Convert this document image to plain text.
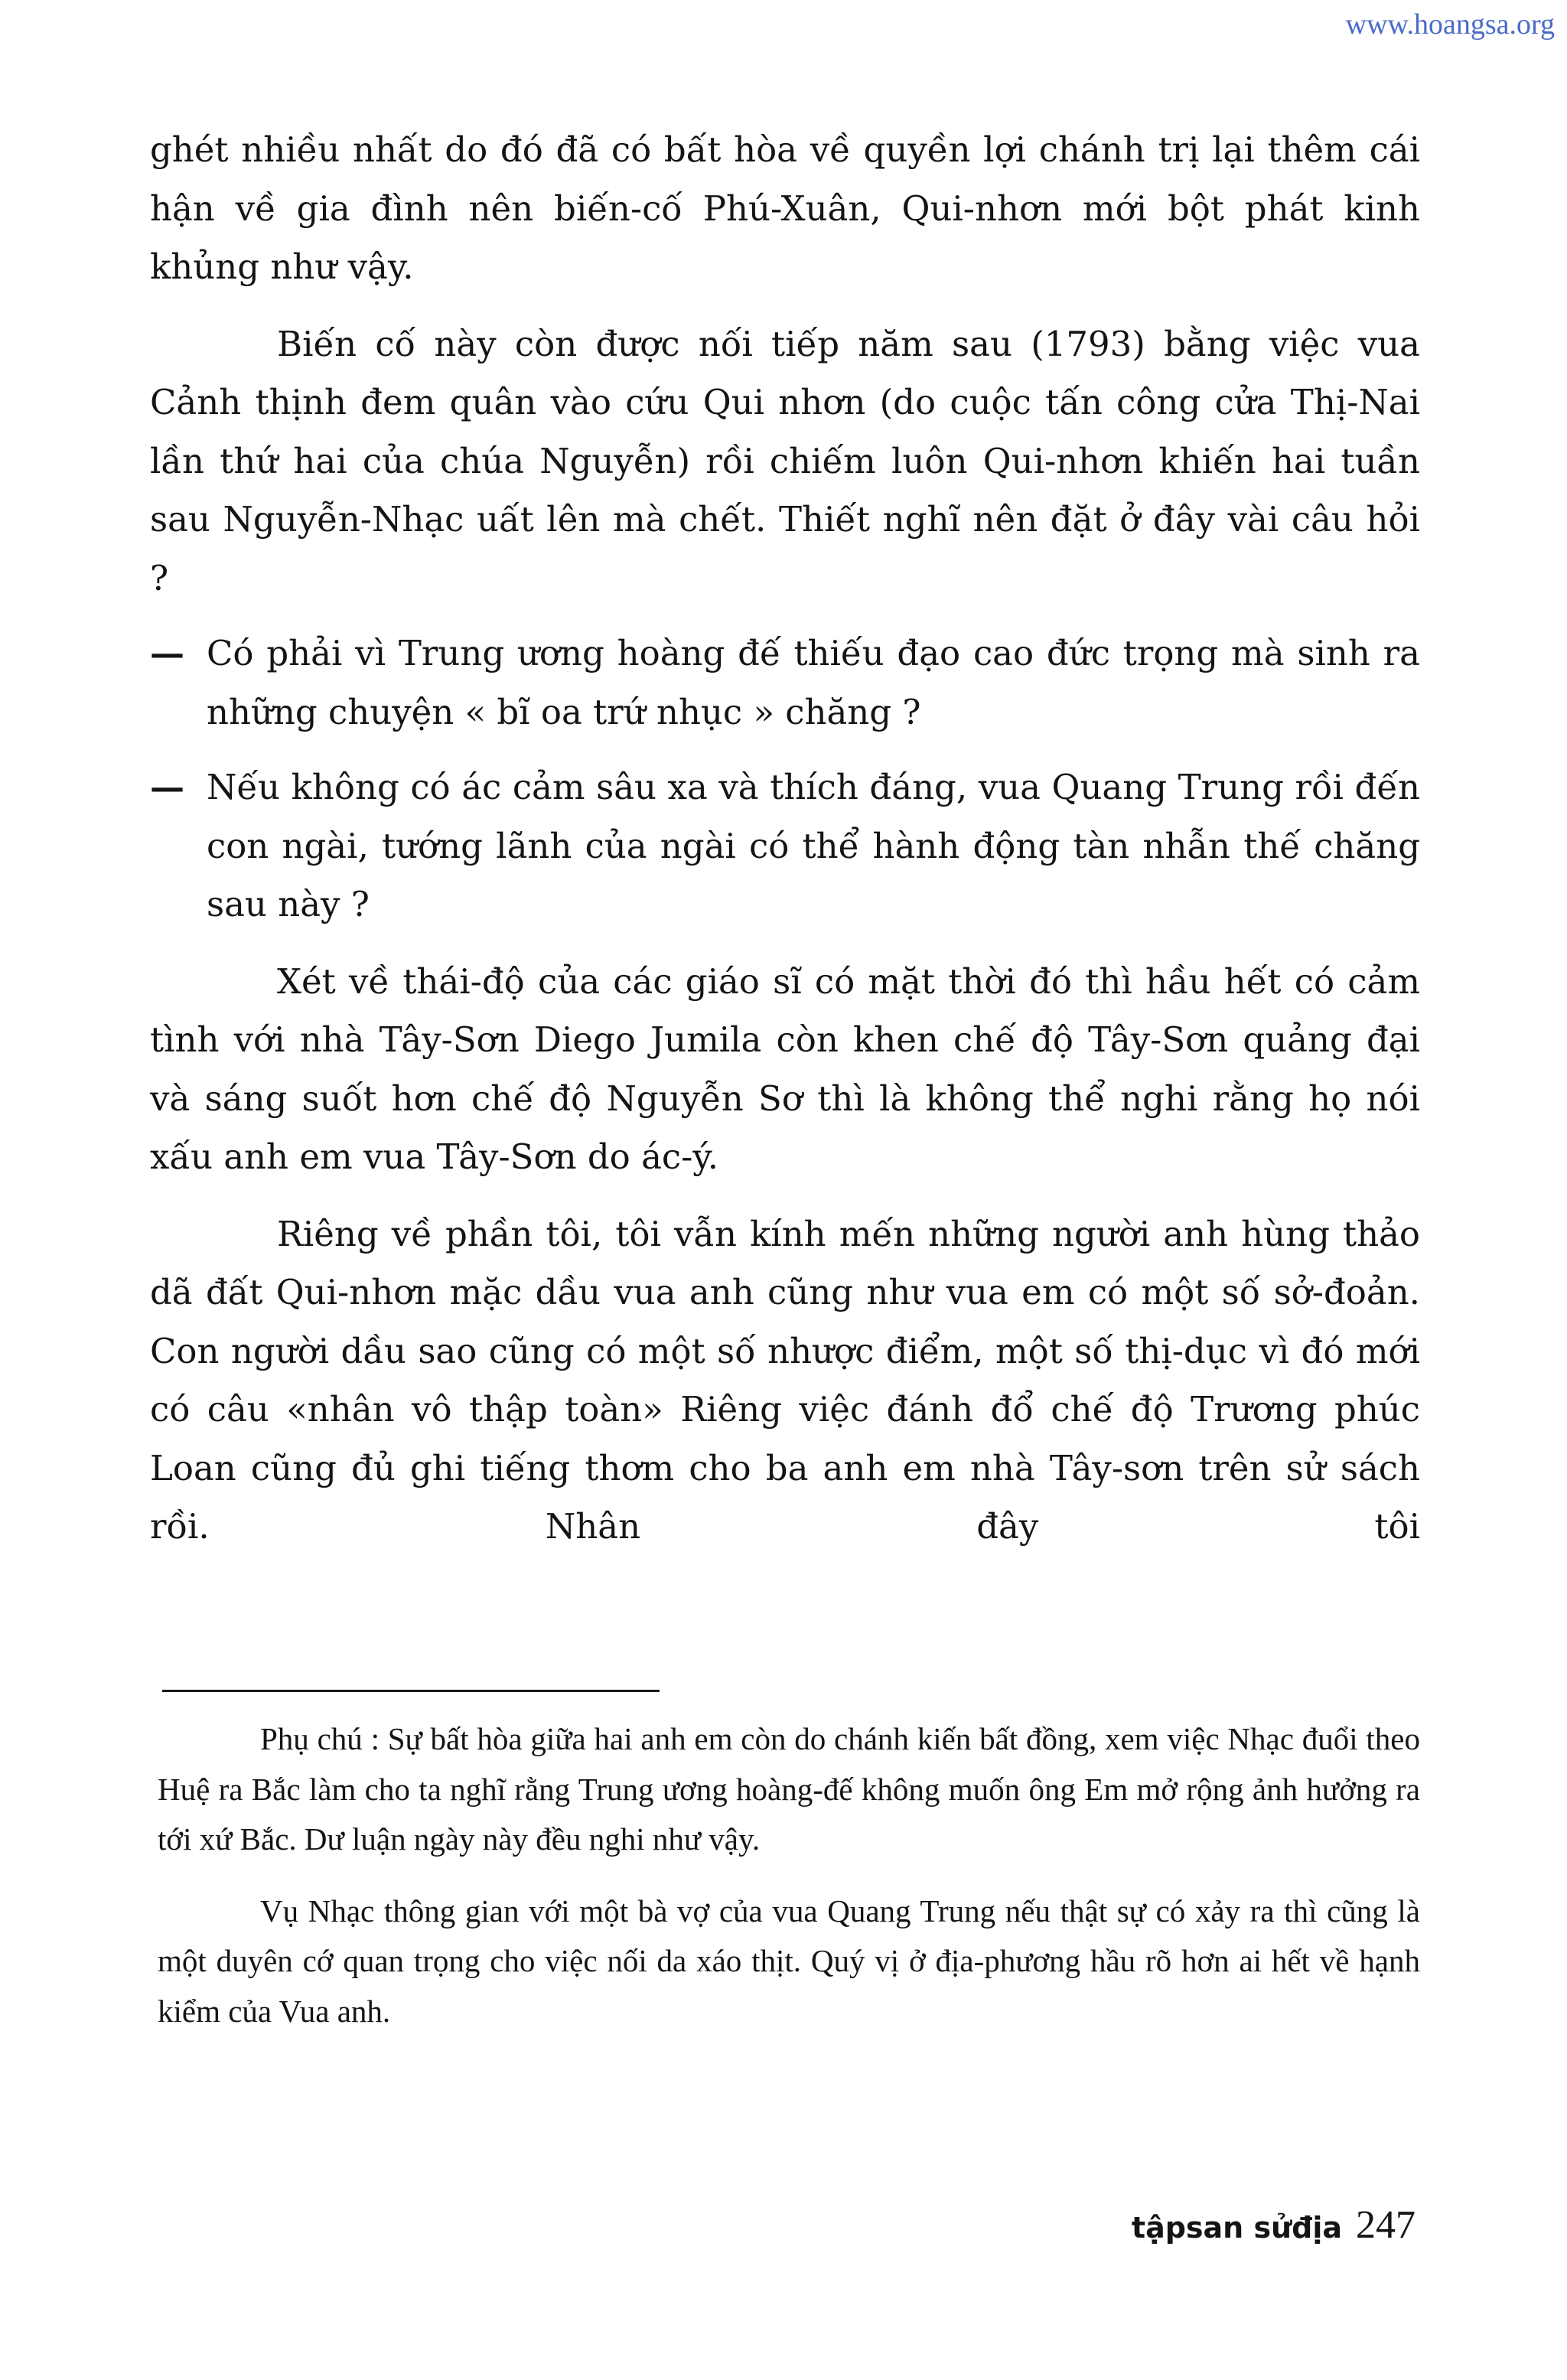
www.hoangsa.org

ghét nhiều nhất do đó đã có bất hòa về quyền lợi chánh trị lại thêm cái hận về gia đình nên biến-cố Phú-Xuân, Qui-nhơn mới bột phát kinh khủng như vậy.

Biến cố này còn được nối tiếp năm sau (1793) bằng việc vua Cảnh thịnh đem quân vào cứu Qui nhơn (do cuộc tấn công cửa Thị-Nai lần thứ hai của chúa Nguyễn) rồi chiếm luôn Qui-nhơn khiến hai tuần sau Nguyễn-Nhạc uất lên mà chết. Thiết nghĩ nên đặt ở đây vài câu hỏi ?

— Có phải vì Trung ương hoàng đế thiếu đạo cao đức trọng mà sinh ra những chuyện « bĩ oa trứ nhục » chăng ?
— Nếu không có ác cảm sâu xa và thích đáng, vua Quang Trung rồi đến con ngài, tướng lãnh của ngài có thể hành động tàn nhẫn thế chăng sau này ?

Xét về thái-độ của các giáo sĩ có mặt thời đó thì hầu hết có cảm tình với nhà Tây-Sơn Diego Jumila còn khen chế độ Tây-Sơn quảng đại và sáng suốt hơn chế độ Nguyễn Sơ thì là không thể nghi rằng họ nói xấu anh em vua Tây-Sơn do ác-ý.

Riêng về phần tôi, tôi vẫn kính mến những người anh hùng thảo dã đất Qui-nhơn mặc dầu vua anh cũng như vua em có một số sở-đoản. Con người dầu sao cũng có một số nhược điểm, một số thị-dục vì đó mới có câu «nhân vô thập toàn» Riêng việc đánh đổ chế độ Trương phúc Loan cũng đủ ghi tiếng thơm cho ba anh em nhà Tây-sơn trên sử sách rồi. Nhân đây tôi

Phụ chú : Sự bất hòa giữa hai anh em còn do chánh kiến bất đồng, xem việc Nhạc đuổi theo Huệ ra Bắc làm cho ta nghĩ rằng Trung ương hoàng-đế không muốn ông Em mở rộng ảnh hưởng ra tới xứ Bắc. Dư luận ngày này đều nghi như vậy.

Vụ Nhạc thông gian với một bà vợ của vua Quang Trung nếu thật sự có xảy ra thì cũng là một duyên cớ quan trọng cho việc nối da xáo thịt. Quý vị ở địa-phương hầu rõ hơn ai hết về hạnh kiểm của Vua anh.

tậpsan sửđịa 247
